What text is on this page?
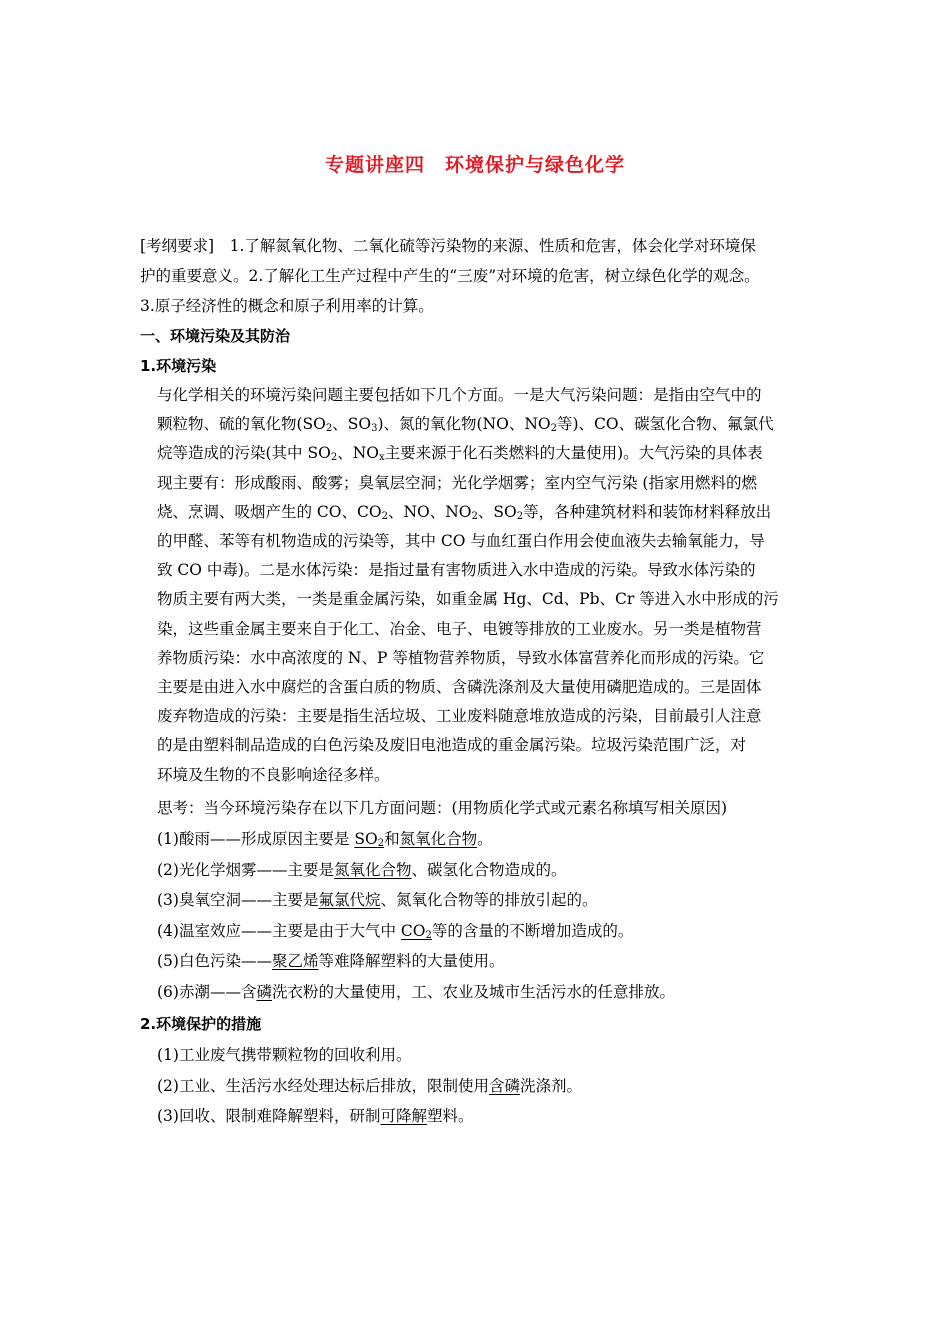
专题讲座四　环境保护与绿色化学
[考纲要求]　1.了解氮氧化物、二氧化硫等污染物的来源、性质和危害，体会化学对环境保
护的重要意义。2.了解化工生产过程中产生的“三废”对环境的危害，树立绿色化学的观念。
3.原子经济性的概念和原子利用率的计算。
一、环境污染及其防治
1.环境污染
与化学相关的环境污染问题主要包括如下几个方面。一是大气污染问题：是指由空气中的
颗粒物、硫的氧化物($SO_2$、$SO_3$)、氮的氧化物(NO、$NO_2$等)、CO、碳氢化合物、氟氯代
烷等造成的污染(其中 $SO_2$、$NO_x$主要来源于化石类燃料的大量使用)。大气污染的具体表
现主要有：形成酸雨、酸雾；臭氧层空洞；光化学烟雾；室内空气污染 (指家用燃料的燃
烧、烹调、吸烟产生的 CO、$CO_2$、NO、$NO_2$、$SO_2$等，各种建筑材料和装饰材料释放出
的甲醛、苯等有机物造成的污染等，其中 CO 与血红蛋白作用会使血液失去输氧能力，导
致 CO 中毒)。二是水体污染：是指过量有害物质进入水中造成的污染。导致水体污染的
物质主要有两大类，一类是重金属污染，如重金属 Hg、Cd、Pb、Cr 等进入水中形成的污
染，这些重金属主要来自于化工、冶金、电子、电镀等排放的工业废水。另一类是植物营
养物质污染：水中高浓度的 N、P 等植物营养物质，导致水体富营养化而形成的污染。它
主要是由进入水中腐烂的含蛋白质的物质、含磷洗涤剂及大量使用磷肥造成的。三是固体
废弃物造成的污染：主要是指生活垃圾、工业废料随意堆放造成的污染，目前最引人注意
的是由塑料制品造成的白色污染及废旧电池造成的重金属污染。垃圾污染范围广泛，对
环境及生物的不良影响途径多样。
思考：当今环境污染存在以下几方面问题：(用物质化学式或元素名称填写相关原因)
(1)酸雨——形成原因主要是 $SO_2$和氮氧化合物。
(2)光化学烟雾——主要是氮氧化合物、碳氢化合物造成的。
(3)臭氧空洞——主要是氟氯代烷、氮氧化合物等的排放引起的。
(4)温室效应——主要是由于大气中 $CO_2$等的含量的不断增加造成的。
(5)白色污染——聚乙烯等难降解塑料的大量使用。
(6)赤潮——含磷洗衣粉的大量使用，工、农业及城市生活污水的任意排放。
2.环境保护的措施
(1)工业废气携带颗粒物的回收利用。
(2)工业、生活污水经处理达标后排放，限制使用含磷洗涤剂。
(3)回收、限制难降解塑料，研制可降解塑料。
